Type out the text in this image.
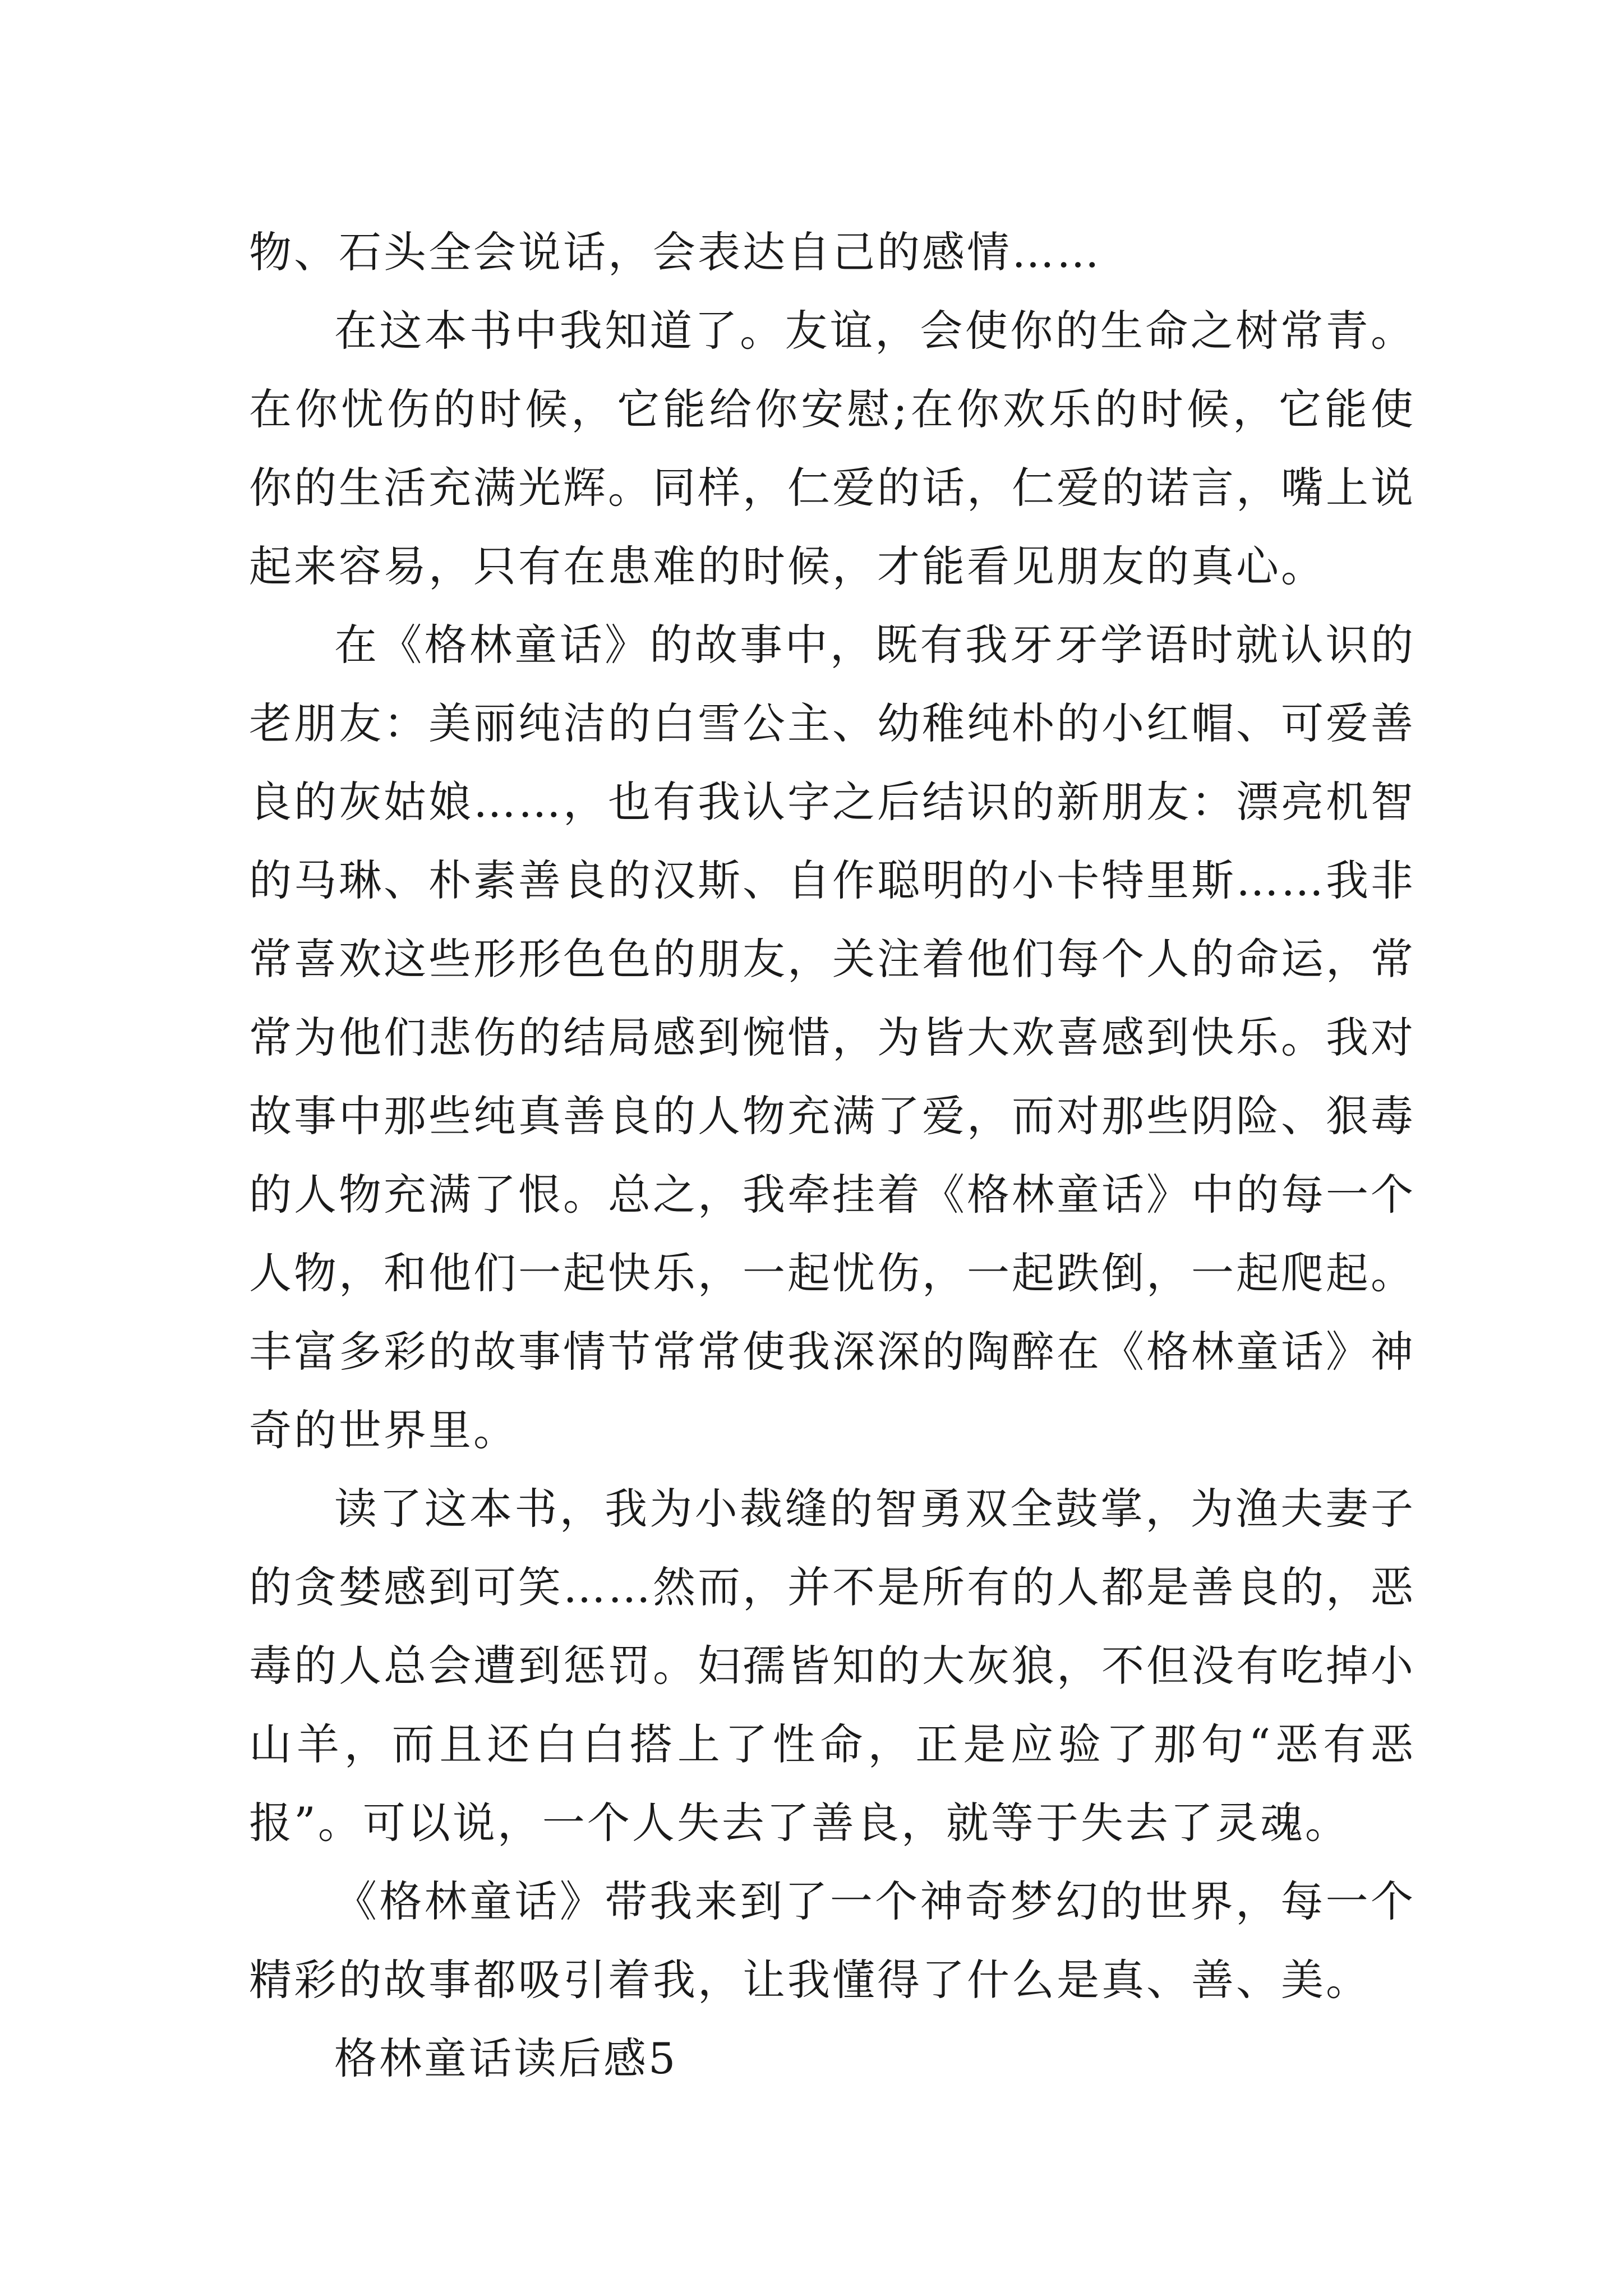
物、石头全会说话，会表达自己的感情……

在这本书中我知道了。友谊，会使你的生命之树常青。在你忧伤的时候，它能给你安慰;在你欢乐的时候，它能使你的生活充满光辉。同样，仁爱的话，仁爱的诺言，嘴上说起来容易，只有在患难的时候，才能看见朋友的真心。

在《格林童话》的故事中，既有我牙牙学语时就认识的老朋友：美丽纯洁的白雪公主、幼稚纯朴的小红帽、可爱善良的灰姑娘……，也有我认字之后结识的新朋友：漂亮机智的马琳、朴素善良的汉斯、自作聪明的小卡特里斯……我非常喜欢这些形形色色的朋友，关注着他们每个人的命运，常常为他们悲伤的结局感到惋惜，为皆大欢喜感到快乐。我对故事中那些纯真善良的人物充满了爱，而对那些阴险、狠毒的人物充满了恨。总之，我牵挂着《格林童话》中的每一个人物，和他们一起快乐，一起忧伤，一起跌倒，一起爬起。丰富多彩的故事情节常常使我深深的陶醉在《格林童话》神奇的世界里。

读了这本书，我为小裁缝的智勇双全鼓掌，为渔夫妻子的贪婪感到可笑……然而，并不是所有的人都是善良的，恶毒的人总会遭到惩罚。妇孺皆知的大灰狼，不但没有吃掉小山羊，而且还白白搭上了性命，正是应验了那句“恶有恶报”。可以说，一个人失去了善良，就等于失去了灵魂。

《格林童话》带我来到了一个神奇梦幻的世界，每一个精彩的故事都吸引着我，让我懂得了什么是真、善、美。

格林童话读后感5
